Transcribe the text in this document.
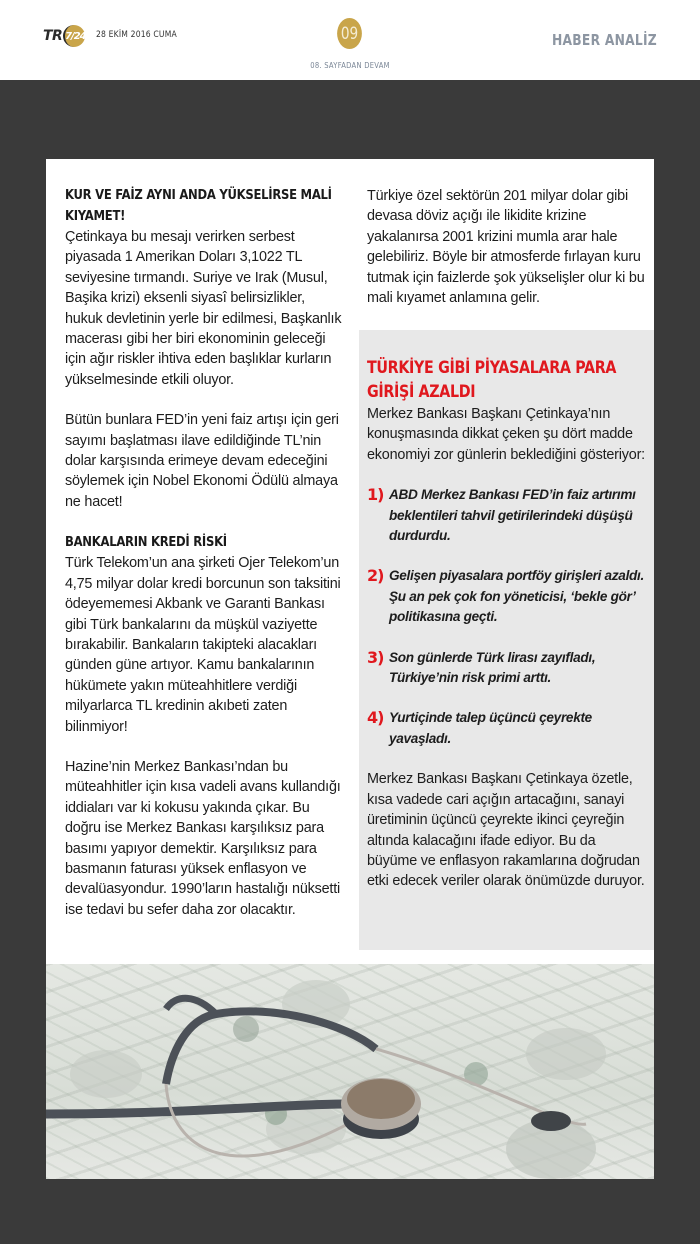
TR 7/24 28 EKİM 2016 CUMA	09
08. SAYFADAN DEVAM
HABER ANALİZ
KUR VE FAİZ AYNI ANDA YÜKSELİRSE MALİ KIYAMET!

Çetinkaya bu mesajı verirken serbest piyasada 1 Amerikan Doları 3,1022 TL seviyesine tırmandı. Suriye ve Irak (Musul, Başika krizi) eksenli siyasî belirsizlikler, hukuk devletinin yerle bir edilmesi, Başkanlık macerası gibi her biri ekonominin geleceği için ağır riskler ihtiva eden başlıklar kurların yükselmesinde etkili oluyor.

Bütün bunlara FED’in yeni faiz artışı için geri sayımı başlatması ilave edildiğinde TL’nin dolar karşısında erimeye devam edeceğini söylemek için Nobel Ekonomi Ödülü almaya ne hacet!

BANKALARIN KREDİ RİSKİ

Türk Telekom’un ana şirketi Ojer Telekom’un 4,75 milyar dolar kredi borcunun son taksitini ödeyememesi Akbank ve Garanti Bankası gibi Türk bankalarını da müşkül vaziyette bırakabilir. Bankaların takipteki alacakları günden güne artıyor. Kamu bankalarının hükümete yakın müteahhitlere verdiği milyarlarca TL kredinin akıbeti zaten bilinmiyor!

Hazine’nin Merkez Bankası’ndan bu müteahhitler için kısa vadeli avans kullandığı iddiaları var ki kokusu yakında çıkar. Bu doğru ise Merkez Bankası karşılıksız para basımı yapıyor demektir. Karşılıksız para basmanın faturası yüksek enflasyon ve devalüasyondur. 1990’ların hastalığı nüksetti ise tedavi bu sefer daha zor olacaktır.

Türkiye özel sektörün 201 milyar dolar gibi devasa döviz açığı ile likidite krizine yakalanırsa 2001 krizini mumla arar hale gelebiliriz. Böyle bir atmosferde fırlayan kuru tutmak için faizlerde şok yükselişler olur ki bu mali kıyamet anlamına gelir.

TÜRKİYE GİBİ PİYASALARA PARA GİRİŞİ AZALDI

Merkez Bankası Başkanı Çetinkaya’nın konuşmasında dikkat çeken şu dört madde ekonomiyi zor günlerin beklediğini gösteriyor:

1) ABD Merkez Bankası FED’in faiz artırımı beklentileri tahvil getirilerindeki düşüşü durdurdu.
2) Gelişen piyasalara portföy girişleri azaldı. Şu an pek çok fon yöneticisi, ‘bekle gör’ politikasına geçti.
3) Son günlerde Türk lirası zayıfladı, Türkiye’nin risk primi arttı.
4) Yurtiçinde talep üçüncü çeyrekte yavaşladı.

Merkez Bankası Başkanı Çetinkaya özetle, kısa vadede cari açığın artacağını, sanayi üretiminin üçüncü çeyrekte ikinci çeyreğin altında kalacağını ifade ediyor. Bu da büyüme ve enflasyon rakamlarına doğrudan etki edecek veriler olarak önümüzde duruyor.
